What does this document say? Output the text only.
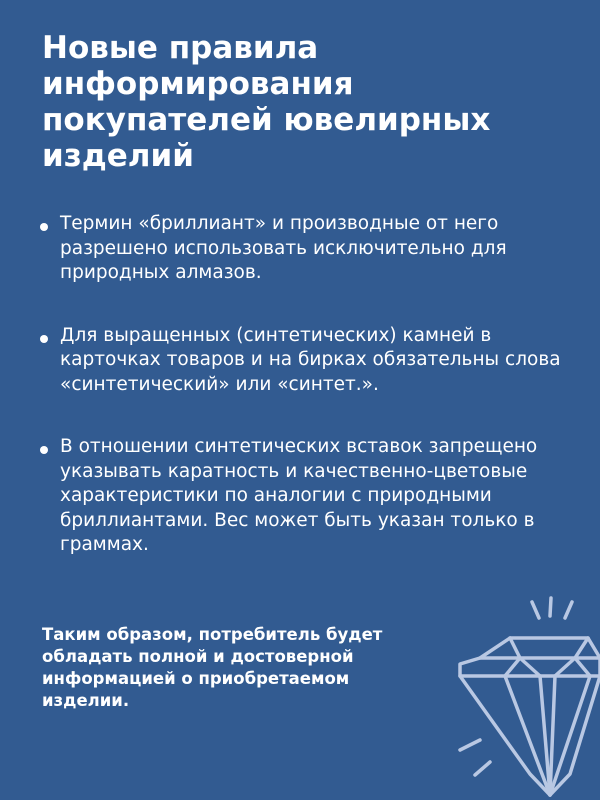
Новые правила информирования покупателей ювелирных изделий
Термин «бриллиант» и производные от него разрешено использовать исключительно для природных алмазов.
Для выращенных (синтетических) камней в карточках товаров и на бирках обязательны слова «синтетический» или «синтет.».
В отношении синтетических вставок запрещено указывать каратность и качественно-цветовые характеристики по аналогии с природными бриллиантами. Вес может быть указан только в граммах.

Таким образом, потребитель будет обладать полной и достоверной информацией о приобретаемом изделии.
